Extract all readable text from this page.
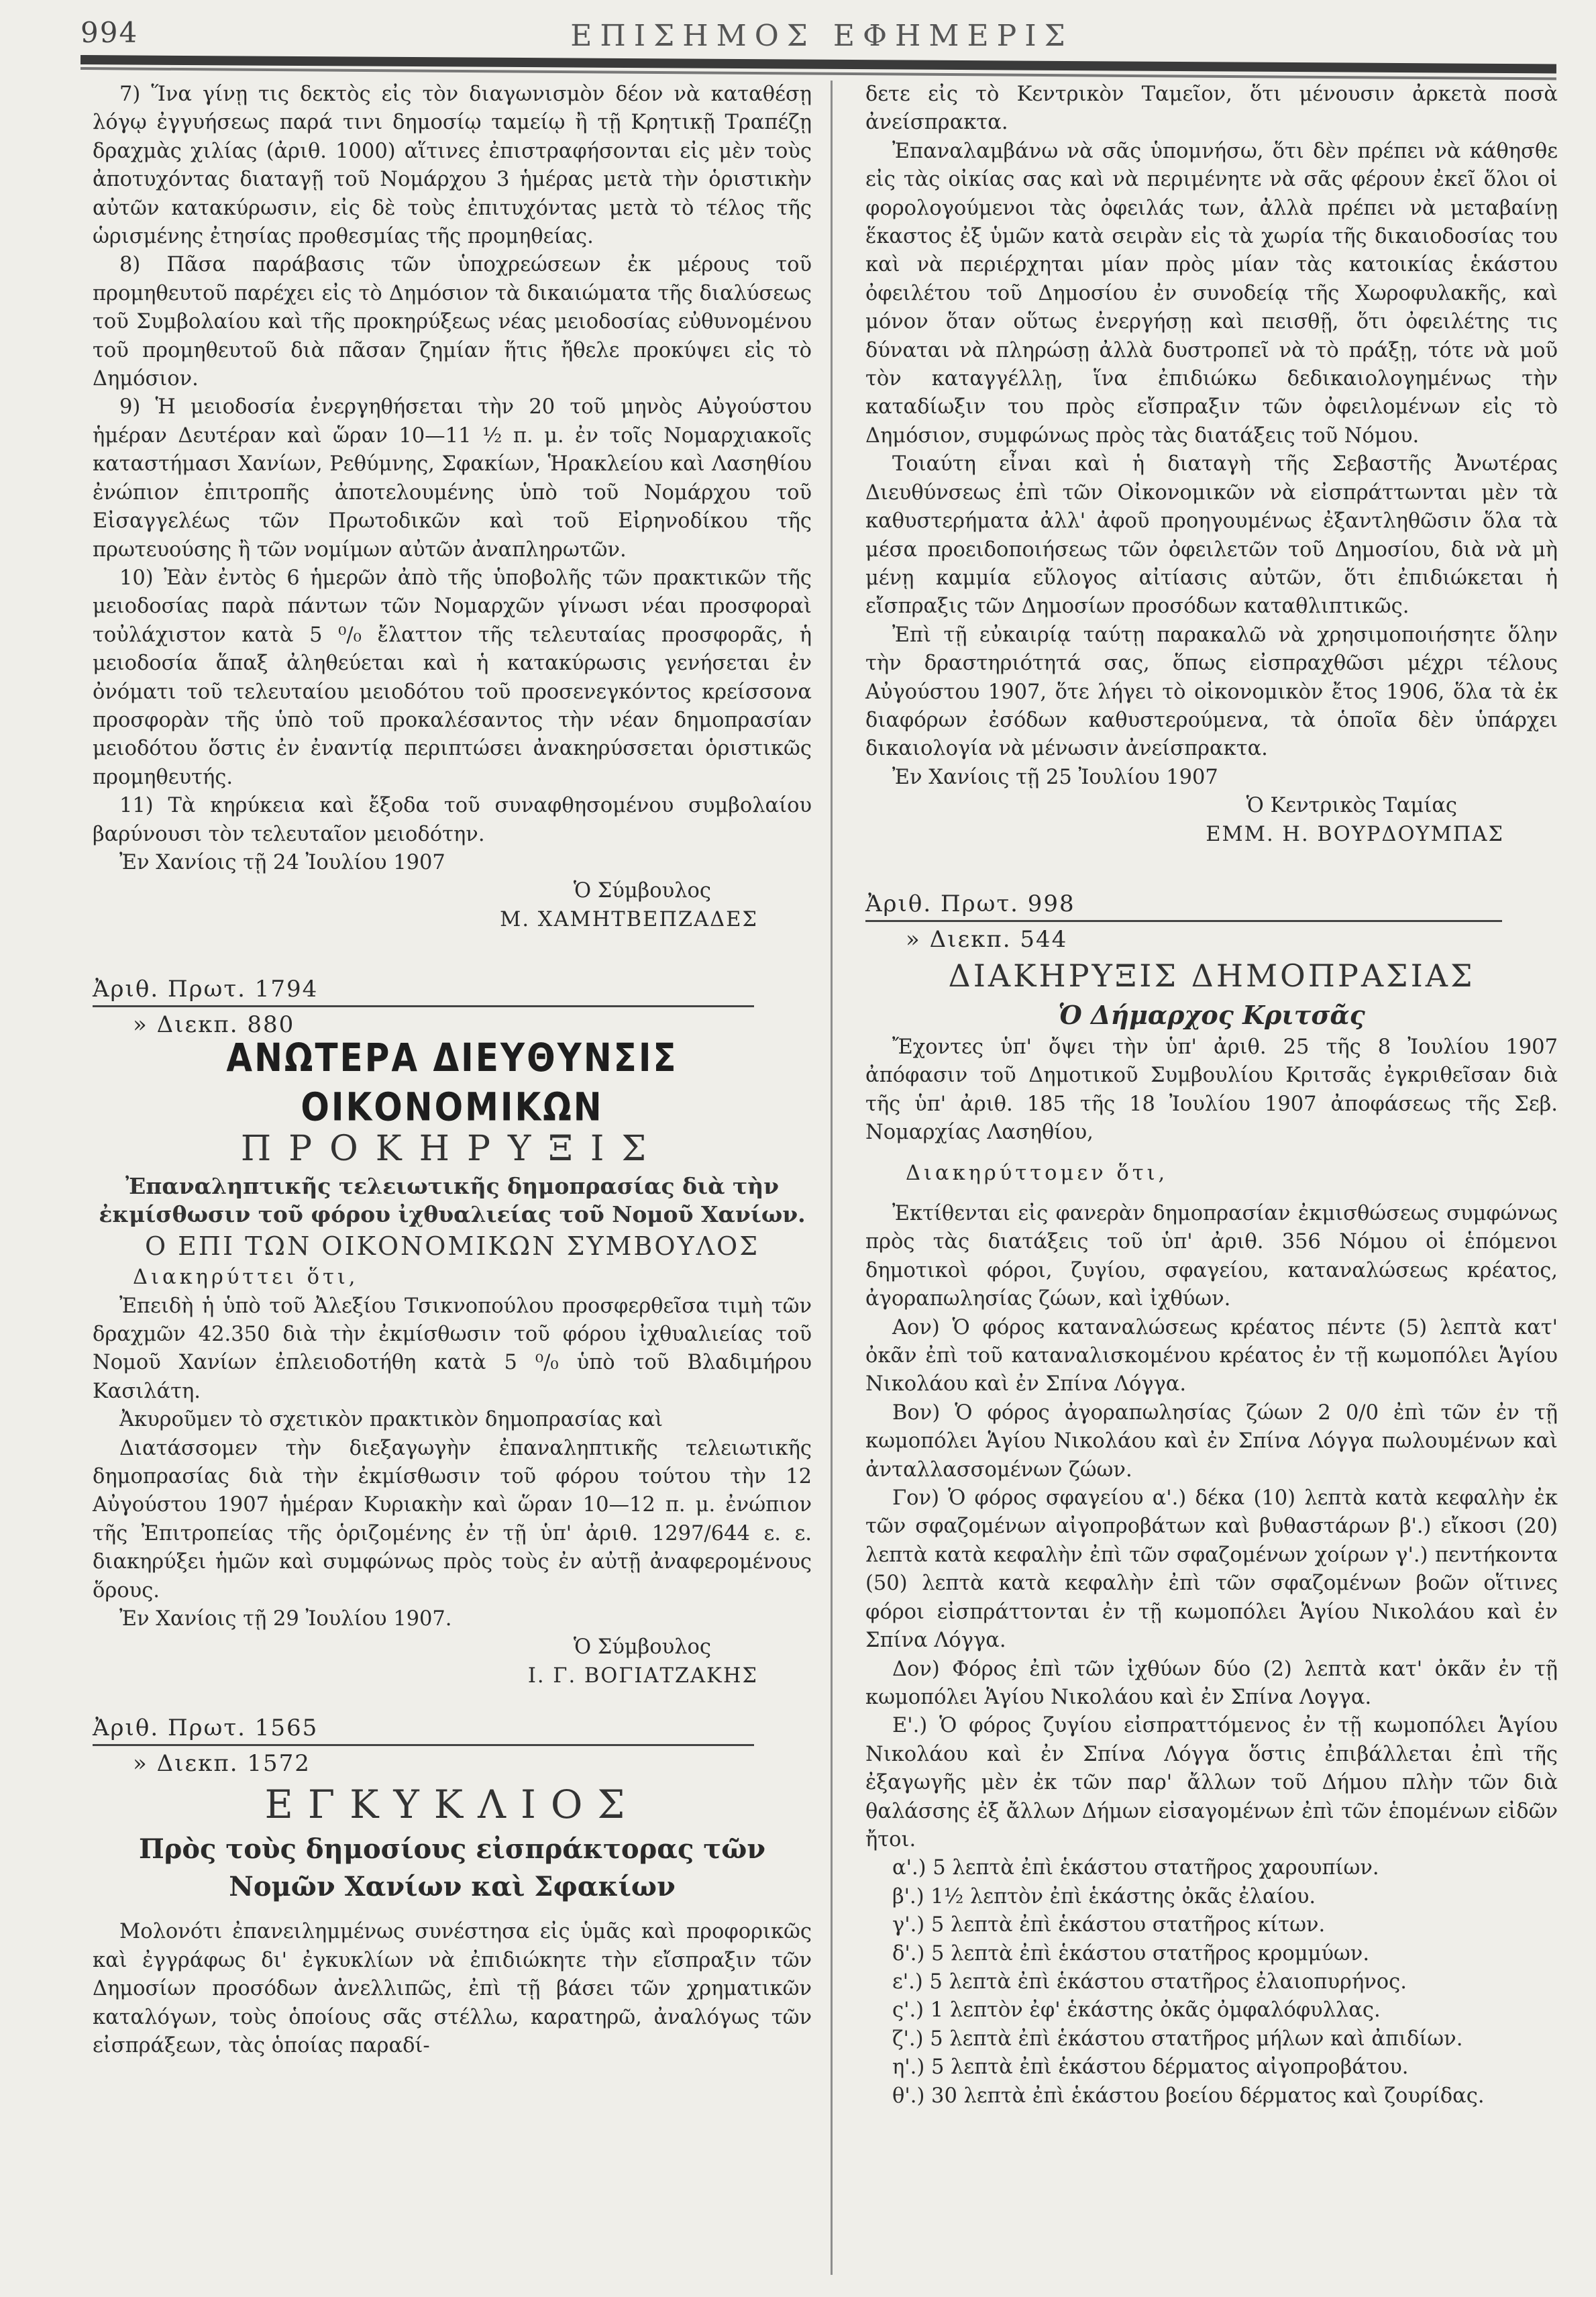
994	ΕΠΙΣΗΜΟΣ ΕΦΗΜΕΡΙΣ

7) Ἵνα γίνῃ τις δεκτὸς εἰς τὸν διαγωνισμὸν δέον νὰ καταθέσῃ λόγῳ ἐγγυήσεως παρά τινι δημοσίῳ ταμείῳ ἢ τῇ Κρητικῇ Τραπέζῃ δραχμὰς χιλίας (ἀριθ. 1000) αἵτινες ἐπιστραφήσονται εἰς μὲν τοὺς ἀποτυχόντας διαταγῇ τοῦ Νομάρχου 3 ἡμέρας μετὰ τὴν ὁριστικὴν αὐτῶν κατακύρωσιν, εἰς δὲ τοὺς ἐπιτυχόντας μετὰ τὸ τέλος τῆς ὡρισμένης ἐτησίας προθεσμίας τῆς προμηθείας.

8) Πᾶσα παράβασις τῶν ὑποχρεώσεων ἐκ μέρους τοῦ προμηθευτοῦ παρέχει εἰς τὸ Δημόσιον τὰ δικαιώματα τῆς διαλύσεως τοῦ Συμβολαίου καὶ τῆς προκηρύξεως νέας μειοδοσίας εὐθυνομένου τοῦ προμηθευτοῦ διὰ πᾶσαν ζημίαν ἥτις ἤθελε προκύψει εἰς τὸ Δημόσιον.

9) Ἡ μειοδοσία ἐνεργηθήσεται τὴν 20 τοῦ μηνὸς Αὐγούστου ἡμέραν Δευτέραν καὶ ὥραν 10—11 ½ π. μ. ἐν τοῖς Νομαρχιακοῖς καταστήμασι Χανίων, Ρεθύμνης, Σφακίων, Ἡρακλείου καὶ Λασηθίου ἐνώπιον ἐπιτροπῆς ἀποτελουμένης ὑπὸ τοῦ Νομάρχου τοῦ Εἰσαγγελέως τῶν Πρωτοδικῶν καὶ τοῦ Εἰρηνοδίκου τῆς πρωτευούσης ἢ τῶν νομίμων αὐτῶν ἀναπληρωτῶν.

10) Ἐὰν ἐντὸς 6 ἡμερῶν ἀπὸ τῆς ὑποβολῆς τῶν πρακτικῶν τῆς μειοδοσίας παρὰ πάντων τῶν Νομαρχῶν γίνωσι νέαι προσφοραὶ τοὐλάχιστον κατὰ 5 ⁰/₀ ἔλαττον τῆς τελευταίας προσφορᾶς, ἡ μειοδοσία ἅπαξ ἀληθεύεται καὶ ἡ κατακύρωσις γενήσεται ἐν ὀνόματι τοῦ τελευταίου μειοδότου τοῦ προσενεγκόντος κρείσσονα προσφορὰν τῆς ὑπὸ τοῦ προκαλέσαντος τὴν νέαν δημοπρασίαν μειοδότου ὅστις ἐν ἐναντίᾳ περιπτώσει ἀνακηρύσσεται ὁριστικῶς προμηθευτής.

11) Τὰ κηρύκεια καὶ ἔξοδα τοῦ συναφθησομένου συμβολαίου βαρύνουσι τὸν τελευταῖον μειοδότην.

Ἐν Χανίοις τῇ 24 Ἰουλίου 1907

Ὁ Σύμβουλος

Μ. ΧΑΜΗΤΒΕΠΖΑΔΕΣ

Ἀριθ. Πρωτ. 1794

» Διεκπ. 880

ΑΝΩΤΕΡΑ ΔΙΕΥΘΥΝΣΙΣ ΟΙΚΟΝΟΜΙΚΩΝ
ΠΡΟΚΗΡΥΞΙΣ
Ἐπαναληπτικῆς τελειωτικῆς δημοπρασίας διὰ τὴν ἐκμίσθωσιν τοῦ φόρου ἰχθυαλιείας τοῦ Νομοῦ Χανίων.
Ο ΕΠΙ ΤΩΝ ΟΙΚΟΝΟΜΙΚΩΝ ΣΥΜΒΟΥΛΟΣ

Διακηρύττει ὅτι,

Ἐπειδὴ ἡ ὑπὸ τοῦ Ἀλεξίου Τσικνοπούλου προσφερθεῖσα τιμὴ τῶν δραχμῶν 42.350 διὰ τὴν ἐκμίσθωσιν τοῦ φόρου ἰχθυαλιείας τοῦ Νομοῦ Χανίων ἐπλειοδοτήθη κατὰ 5 ⁰/₀ ὑπὸ τοῦ Βλαδιμήρου Κασιλάτη.

Ἀκυροῦμεν τὸ σχετικὸν πρακτικὸν δημοπρασίας καὶ

Διατάσσομεν τὴν διεξαγωγὴν ἐπαναληπτικῆς τελειωτικῆς δημοπρασίας διὰ τὴν ἐκμίσθωσιν τοῦ φόρου τούτου τὴν 12 Αὐγούστου 1907 ἡμέραν Κυριακὴν καὶ ὥραν 10—12 π. μ. ἐνώπιον τῆς Ἐπιτροπείας τῆς ὁριζομένης ἐν τῇ ὑπ' ἀριθ. 1297/644 ε. ε. διακηρύξει ἡμῶν καὶ συμφώνως πρὸς τοὺς ἐν αὐτῇ ἀναφερομένους ὅρους.

Ἐν Χανίοις τῇ 29 Ἰουλίου 1907.

Ὁ Σύμβουλος

Ι. Γ. ΒΟΓΙΑΤΖΑΚΗΣ

Ἀριθ. Πρωτ. 1565

» Διεκπ. 1572

ΕΓΚΥΚΛΙΟΣ
Πρὸς τοὺς δημοσίους εἰσπράκτορας τῶν Νομῶν Χανίων καὶ Σφακίων

Μολονότι ἐπανειλημμένως συνέστησα εἰς ὑμᾶς καὶ προφορικῶς καὶ ἐγγράφως δι' ἐγκυκλίων νὰ ἐπιδιώκητε τὴν εἴσπραξιν τῶν Δημοσίων προσόδων ἀνελλιπῶς, ἐπὶ τῇ βάσει τῶν χρηματικῶν καταλόγων, τοὺς ὁποίους σᾶς στέλλω, καρατηρῶ, ἀναλόγως τῶν εἰσπράξεων, τὰς ὁποίας παραδί-

δετε εἰς τὸ Κεντρικὸν Ταμεῖον, ὅτι μένουσιν ἀρκετὰ ποσὰ ἀνείσπρακτα.

Ἐπαναλαμβάνω νὰ σᾶς ὑπομνήσω, ὅτι δὲν πρέπει νὰ κάθησθε εἰς τὰς οἰκίας σας καὶ νὰ περιμένητε νὰ σᾶς φέρουν ἐκεῖ ὅλοι οἱ φορολογούμενοι τὰς ὀφειλάς των, ἀλλὰ πρέπει νὰ μεταβαίνῃ ἕκαστος ἐξ ὑμῶν κατὰ σειρὰν εἰς τὰ χωρία τῆς δικαιοδοσίας του καὶ νὰ περιέρχηται μίαν πρὸς μίαν τὰς κατοικίας ἑκάστου ὀφειλέτου τοῦ Δημοσίου ἐν συνοδείᾳ τῆς Χωροφυλακῆς, καὶ μόνον ὅταν οὕτως ἐνεργήσῃ καὶ πεισθῇ, ὅτι ὀφειλέτης τις δύναται νὰ πληρώσῃ ἀλλὰ δυστροπεῖ νὰ τὸ πράξῃ, τότε νὰ μοῦ τὸν καταγγέλλῃ, ἵνα ἐπιδιώκω δεδικαιολογημένως τὴν καταδίωξιν του πρὸς εἴσπραξιν τῶν ὀφειλομένων εἰς τὸ Δημόσιον, συμφώνως πρὸς τὰς διατάξεις τοῦ Νόμου.

Τοιαύτη εἶναι καὶ ἡ διαταγὴ τῆς Σεβαστῆς Ἀνωτέρας Διευθύνσεως ἐπὶ τῶν Οἰκονομικῶν νὰ εἰσπράττωνται μὲν τὰ καθυστερήματα ἀλλ' ἀφοῦ προηγουμένως ἐξαντληθῶσιν ὅλα τὰ μέσα προειδοποιήσεως τῶν ὀφειλετῶν τοῦ Δημοσίου, διὰ νὰ μὴ μένῃ καμμία εὔλογος αἰτίασις αὐτῶν, ὅτι ἐπιδιώκεται ἡ εἴσπραξις τῶν Δημοσίων προσόδων καταθλιπτικῶς.

Ἐπὶ τῇ εὐκαιρίᾳ ταύτῃ παρακαλῶ νὰ χρησιμοποιήσητε ὅλην τὴν δραστηριότητά σας, ὅπως εἰσπραχθῶσι μέχρι τέλους Αὐγούστου 1907, ὅτε λήγει τὸ οἰκονομικὸν ἔτος 1906, ὅλα τὰ ἐκ διαφόρων ἐσόδων καθυστερούμενα, τὰ ὁποῖα δὲν ὑπάρχει δικαιολογία νὰ μένωσιν ἀνείσπρακτα.

Ἐν Χανίοις τῇ 25 Ἰουλίου 1907

Ὁ Κεντρικὸς Ταμίας

ΕΜΜ. Η. ΒΟΥΡΔΟΥΜΠΑΣ

Ἀριθ. Πρωτ. 998

» Διεκπ. 544

ΔΙΑΚΗΡΥΞΙΣ ΔΗΜΟΠΡΑΣΙΑΣ
Ὁ Δήμαρχος Κριτσᾶς

Ἔχοντες ὑπ' ὄψει τὴν ὑπ' ἀριθ. 25 τῆς 8 Ἰουλίου 1907 ἀπόφασιν τοῦ Δημοτικοῦ Συμβουλίου Κριτσᾶς ἐγκριθεῖσαν διὰ τῆς ὑπ' ἀριθ. 185 τῆς 18 Ἰουλίου 1907 ἀποφάσεως τῆς Σεβ. Νομαρχίας Λασηθίου,

Διακηρύττομεν ὅτι,

Ἐκτίθενται εἰς φανερὰν δημοπρασίαν ἐκμισθώσεως συμφώνως πρὸς τὰς διατάξεις τοῦ ὑπ' ἀριθ. 356 Νόμου οἱ ἑπόμενοι δημοτικοὶ φόροι, ζυγίου, σφαγείου, καταναλώσεως κρέατος, ἀγοραπωλησίας ζώων, καὶ ἰχθύων.

Αον) Ὁ φόρος καταναλώσεως κρέατος πέντε (5) λεπτὰ κατ' ὀκᾶν ἐπὶ τοῦ καταναλισκομένου κρέατος ἐν τῇ κωμοπόλει Ἁγίου Νικολάου καὶ ἐν Σπίνα Λόγγα.

Βον) Ὁ φόρος ἀγοραπωλησίας ζώων 2 0/0 ἐπὶ τῶν ἐν τῇ κωμοπόλει Ἁγίου Νικολάου καὶ ἐν Σπίνα Λόγγα πωλουμένων καὶ ἀνταλλασσομένων ζώων.

Γον) Ὁ φόρος σφαγείου α'.) δέκα (10) λεπτὰ κατὰ κεφαλὴν ἐκ τῶν σφαζομένων αἰγοπροβάτων καὶ βυθαστάρων β'.) εἴκοσι (20) λεπτὰ κατὰ κεφαλὴν ἐπὶ τῶν σφαζομένων χοίρων γ'.) πεντήκοντα (50) λεπτὰ κατὰ κεφαλὴν ἐπὶ τῶν σφαζομένων βοῶν οἵτινες φόροι εἰσπράττονται ἐν τῇ κωμοπόλει Ἁγίου Νικολάου καὶ ἐν Σπίνα Λόγγα.

Δον) Φόρος ἐπὶ τῶν ἰχθύων δύο (2) λεπτὰ κατ' ὀκᾶν ἐν τῇ κωμοπόλει Ἁγίου Νικολάου καὶ ἐν Σπίνα Λογγα.

Ε'.) Ὁ φόρος ζυγίου εἰσπραττόμενος ἐν τῇ κωμοπόλει Ἁγίου Νικολάου καὶ ἐν Σπίνα Λόγγα ὅστις ἐπιβάλλεται ἐπὶ τῆς ἐξαγωγῆς μὲν ἐκ τῶν παρ' ἄλλων τοῦ Δήμου πλὴν τῶν διὰ θαλάσσης ἐξ ἄλλων Δήμων εἰσαγομένων ἐπὶ τῶν ἑπομένων εἰδῶν ἤτοι.

α'.) 5 λεπτὰ ἐπὶ ἑκάστου στατῆρος χαρουπίων.

β'.) 1½ λεπτὸν ἐπὶ ἑκάστης ὀκᾶς ἐλαίου.

γ'.) 5 λεπτὰ ἐπὶ ἑκάστου στατῆρος κίτων.

δ'.) 5 λεπτὰ ἐπὶ ἑκάστου στατῆρος κρομμύων.

ε'.) 5 λεπτὰ ἐπὶ ἑκάστου στατῆρος ἐλαιοπυρήνος.

ς'.) 1 λεπτὸν ἐφ' ἑκάστης ὀκᾶς ὀμφαλόφυλλας.

ζ'.) 5 λεπτὰ ἐπὶ ἑκάστου στατῆρος μήλων καὶ ἀπιδίων.

η'.) 5 λεπτὰ ἐπὶ ἑκάστου δέρματος αἰγοπροβάτου.

θ'.) 30 λεπτὰ ἐπὶ ἑκάστου βοείου δέρματος καὶ ζουρίδας.
